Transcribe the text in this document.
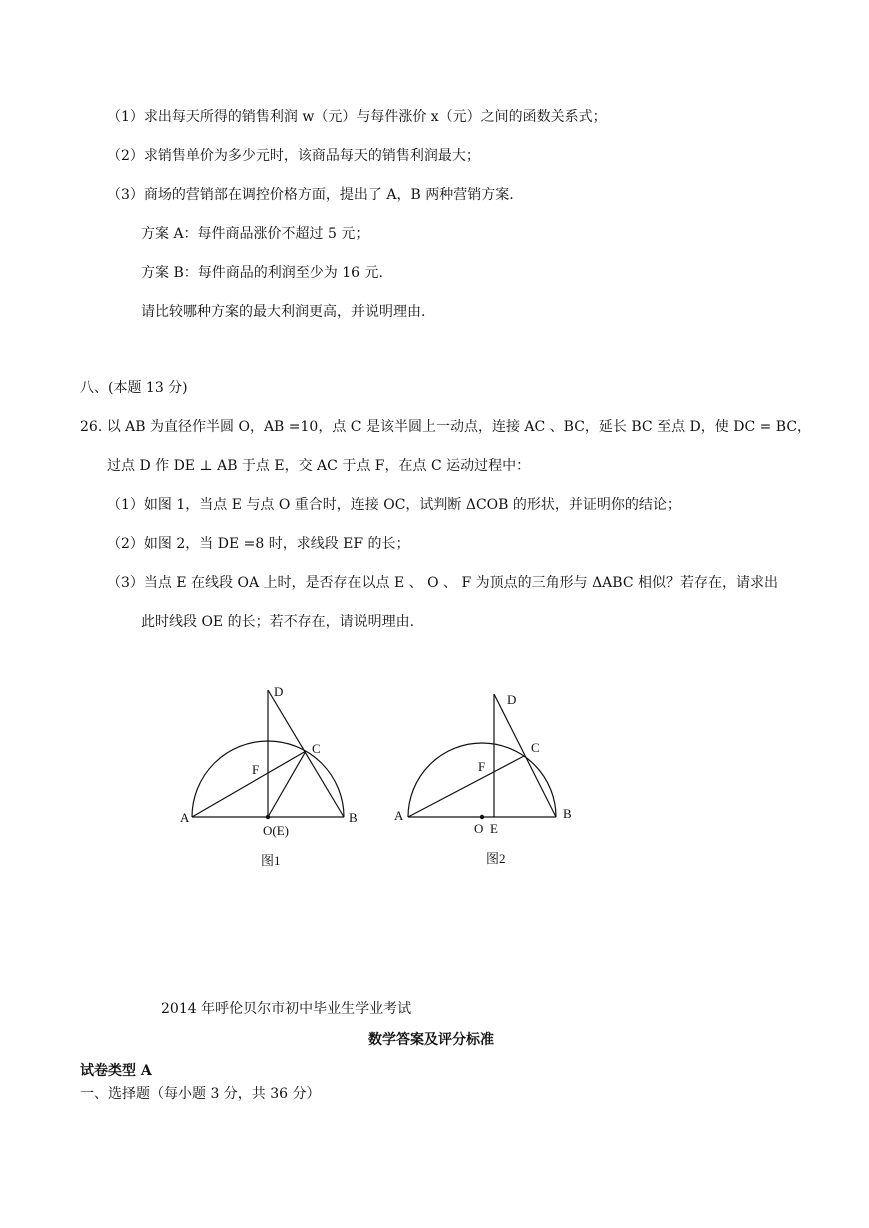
（1）求出每天所得的销售利润 w（元）与每件涨价 x（元）之间的函数关系式；
（2）求销售单价为多少元时，该商品每天的销售利润最大；
（3）商场的营销部在调控价格方面，提出了 A，B 两种营销方案.
方案 A：每件商品涨价不超过 5 元；
方案 B：每件商品的利润至少为 16 元.
请比较哪种方案的最大利润更高，并说明理由.
八、(本题 13 分)
26. 以 AB 为直径作半圆 O，AB =10，点 C 是该半圆上一动点，连接 AC 、BC，延长 BC 至点 D，使 DC = BC，
过点 D 作 DE ⊥ AB 于点 E，交 AC 于点 F，在点 C 运动过程中：
（1）如图 1，当点 E 与点 O 重合时，连接 OC，试判断 ΔCOB 的形状，并证明你的结论；
（2）如图 2，当 DE =8 时，求线段 EF 的长；
（3）当点 E 在线段 OA 上时，是否存在以点 E 、 O 、 F 为顶点的三角形与 ΔABC 相似？若存在，请求出
此时线段 OE 的长；若不存在，请说明理由.
D
C
F
A	B
O(E)
图1
D
C
F
A	B
O E
图2
2014 年呼伦贝尔市初中毕业生学业考试
数学答案及评分标准
试卷类型 A
一、选择题（每小题 3 分，共 36 分）
